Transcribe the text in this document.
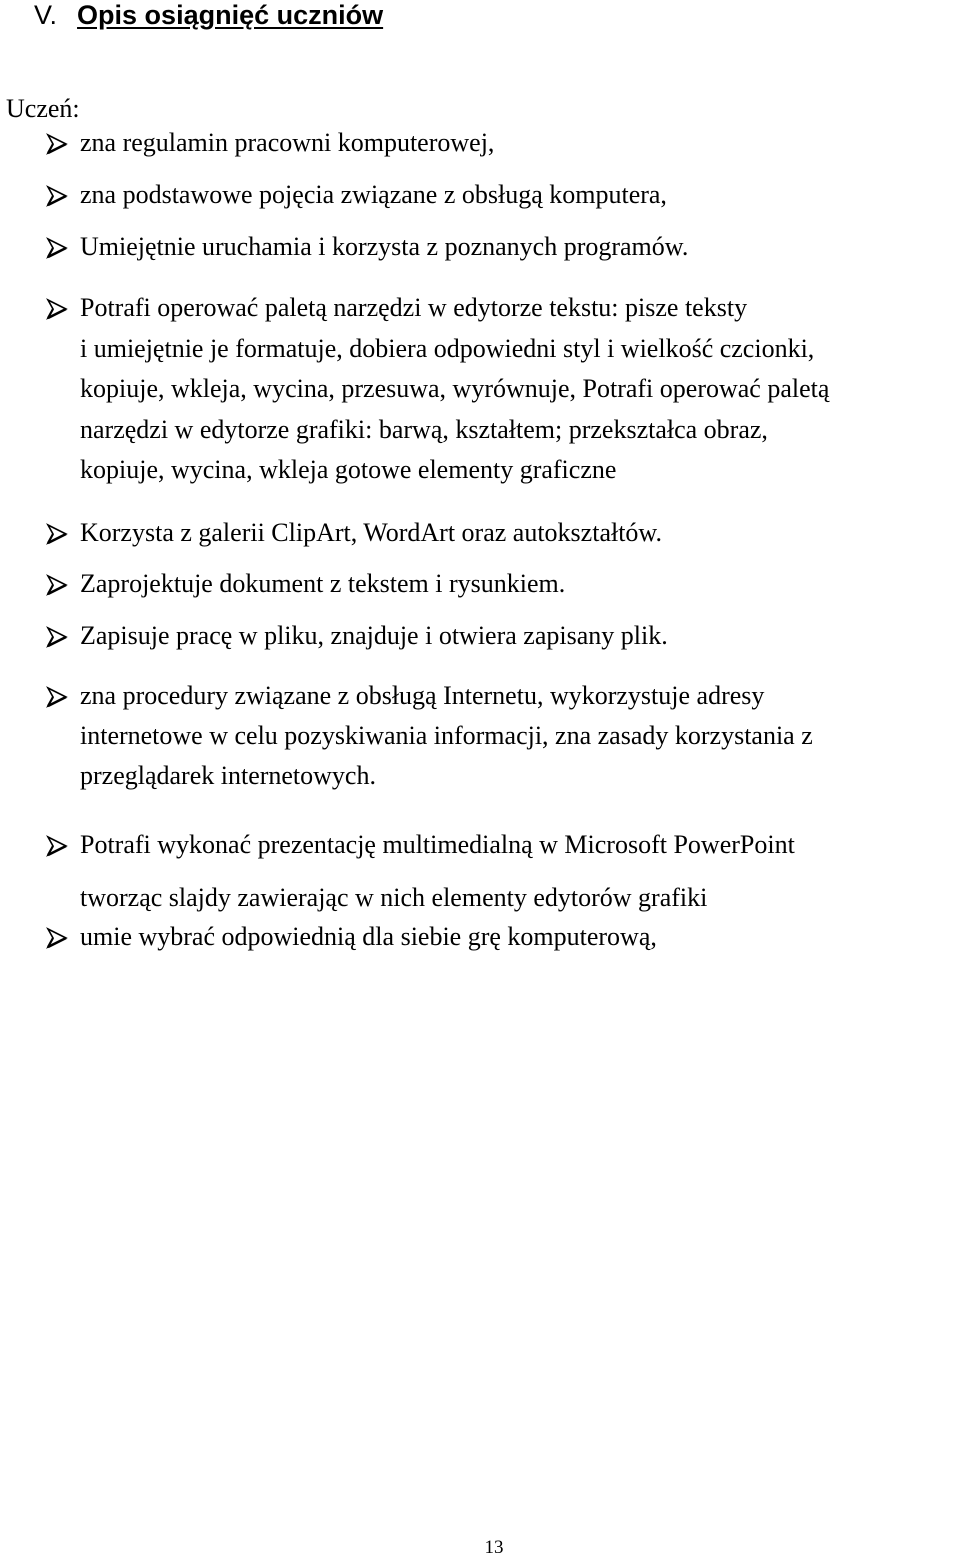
V. Opis osiągnięć uczniów
Uczeń:
zna regulamin pracowni komputerowej,
zna podstawowe pojęcia związane z obsługą komputera,
Umiejętnie uruchamia i korzysta z poznanych programów.
Potrafi operować paletą narzędzi w edytorze tekstu: pisze teksty
i umiejętnie je formatuje, dobiera odpowiedni styl i wielkość czcionki,
kopiuje, wkleja, wycina, przesuwa, wyrównuje, Potrafi operować paletą
narzędzi w edytorze grafiki: barwą, kształtem; przekształca obraz,
kopiuje, wycina, wkleja gotowe elementy graficzne
Korzysta z galerii ClipArt, WordArt oraz autokształtów.
Zaprojektuje dokument z tekstem i rysunkiem.
Zapisuje pracę w pliku, znajduje i otwiera zapisany plik.
zna procedury związane z obsługą Internetu, wykorzystuje adresy
internetowe w celu pozyskiwania informacji, zna zasady korzystania z
przeglądarek internetowych.
Potrafi wykonać prezentację multimedialną w Microsoft PowerPoint
tworząc slajdy zawierając w nich elementy edytorów grafiki
umie wybrać odpowiednią dla siebie grę komputerową,
13
